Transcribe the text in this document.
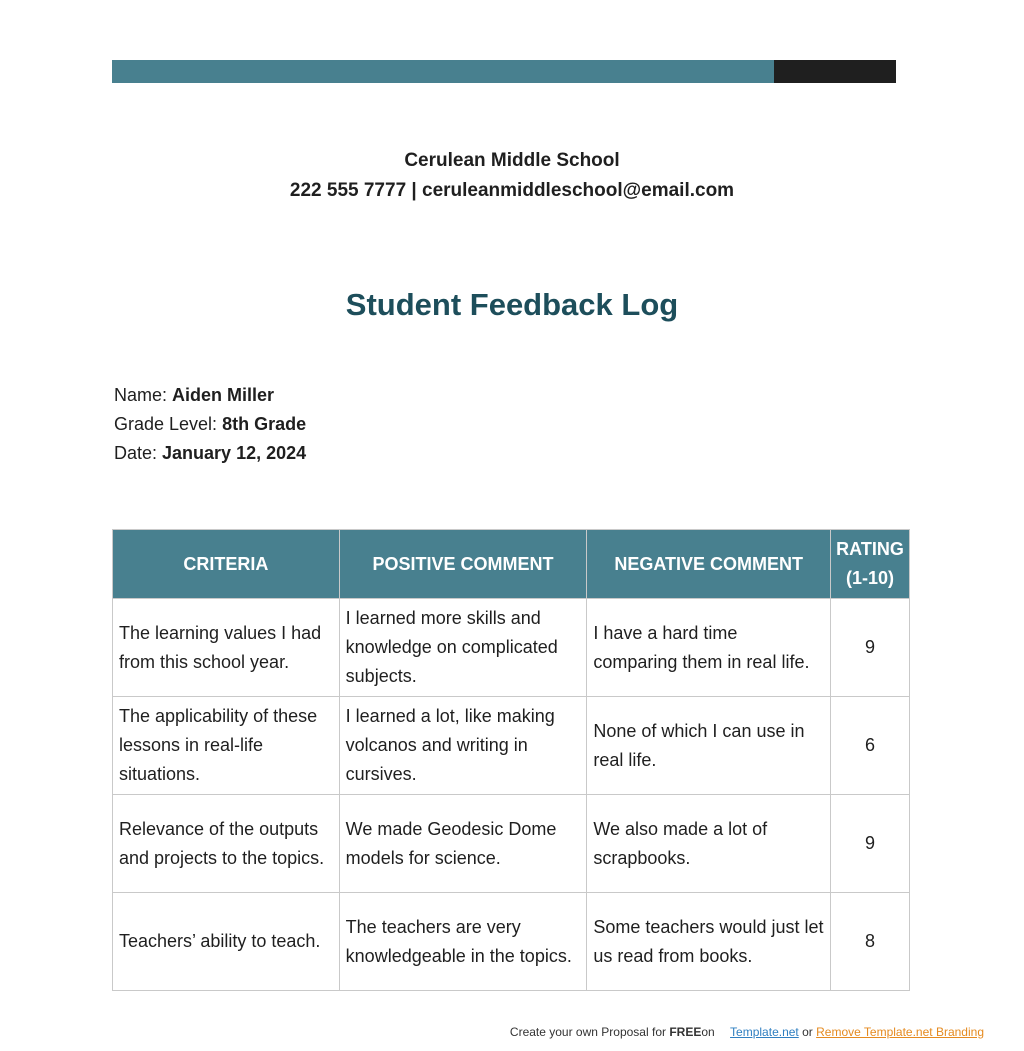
Cerulean Middle School
222 555 7777 | ceruleanmiddleschool@email.com
Student Feedback Log
Name: Aiden Miller
Grade Level: 8th Grade
Date: January 12, 2024
CRITERIA	POSITIVE COMMENT	NEGATIVE COMMENT	RATING (1-10)
The learning values I had from this school year.	I learned more skills and knowledge on complicated subjects.	I have a hard time comparing them in real life.	9
The applicability of these lessons in real-life situations.	I learned a lot, like making volcanos and writing in cursives.	None of which I can use in real life.	6
Relevance of the outputs and projects to the topics.	We made Geodesic Dome models for science.	We also made a lot of scrapbooks.	9
Teachers’ ability to teach.	The teachers are very knowledgeable in the topics.	Some teachers would just let us read from books.	8
Create your own Proposal for FREEon Template.net or Remove Template.net Branding
